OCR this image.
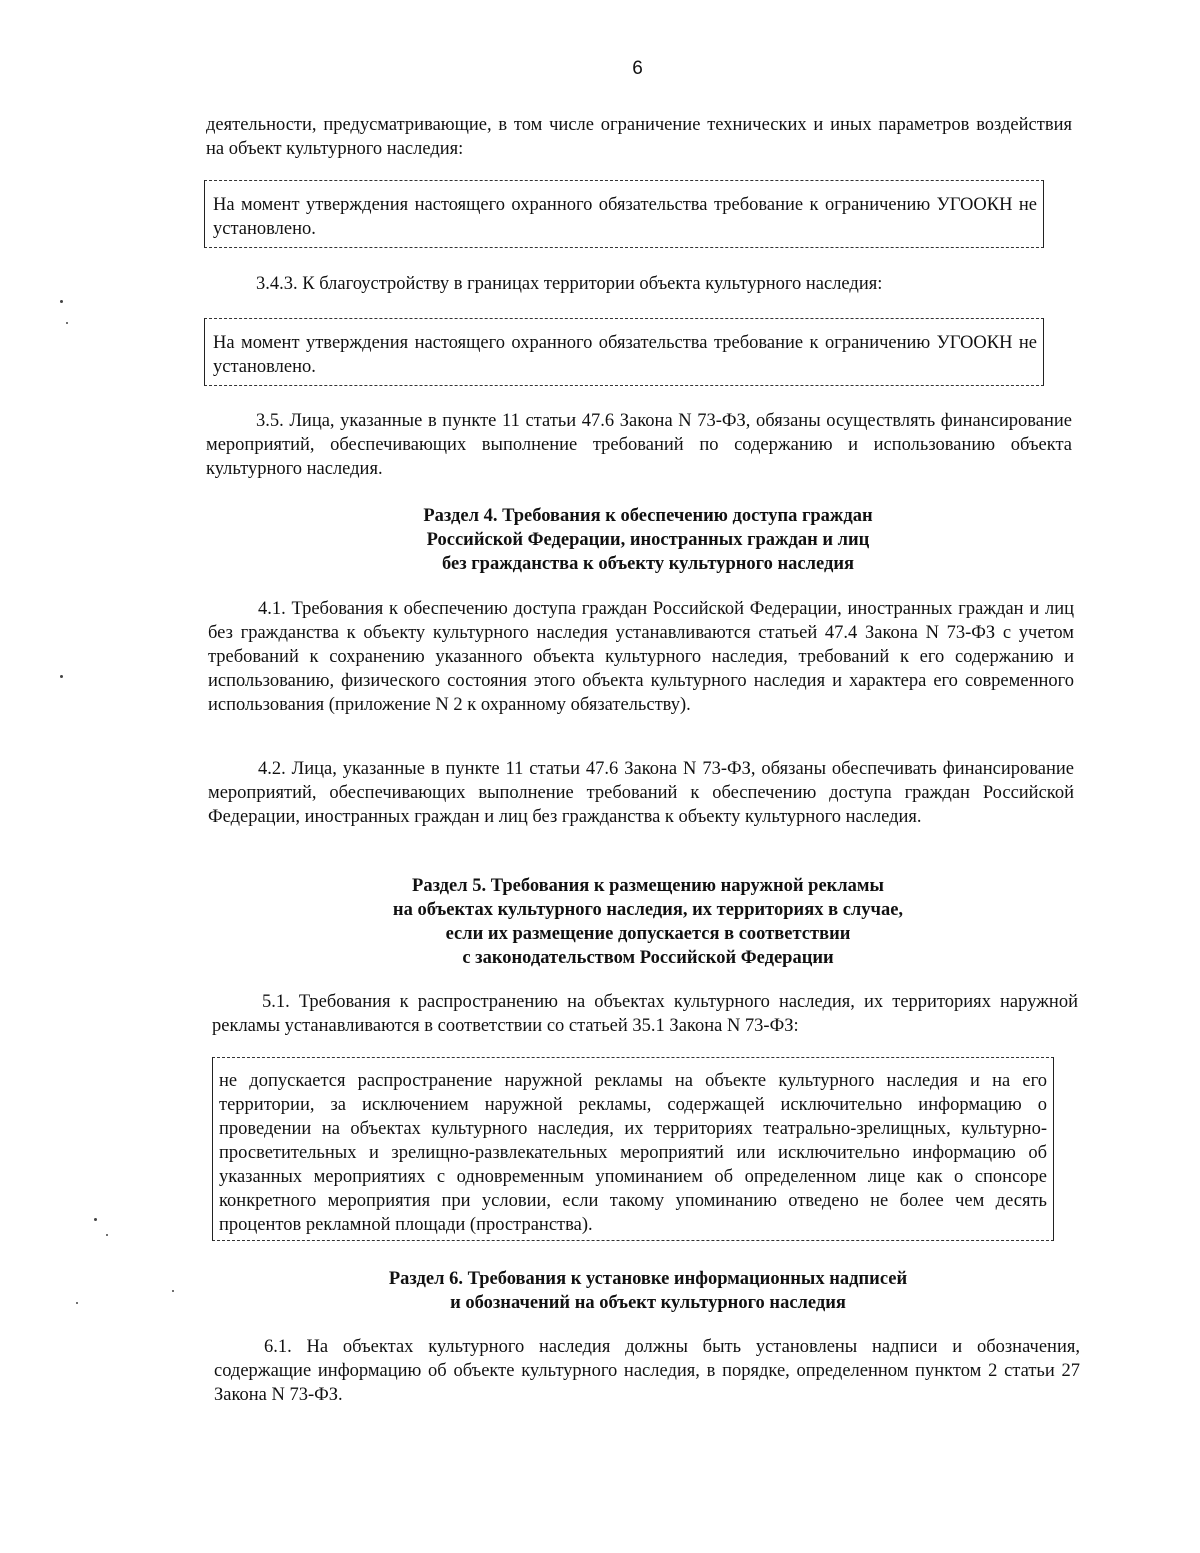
6
деятельности, предусматривающие, в том числе ограничение технических и иных параметров воздействия на объект культурного наследия:
На момент утверждения настоящего охранного обязательства требование к ограничению УГООКН не установлено.
3.4.3. К благоустройству в границах территории объекта культурного наследия:
На момент утверждения настоящего охранного обязательства требование к ограничению УГООКН не установлено.
3.5. Лица, указанные в пункте 11 статьи 47.6 Закона N 73-ФЗ, обязаны осуществлять финансирование мероприятий, обеспечивающих выполнение требований по содержанию и использованию объекта культурного наследия.
Раздел 4. Требования к обеспечению доступа граждан
Российской Федерации, иностранных граждан и лиц
без гражданства к объекту культурного наследия
4.1. Требования к обеспечению доступа граждан Российской Федерации, иностранных граждан и лиц без гражданства к объекту культурного наследия устанавливаются статьей 47.4 Закона N 73-ФЗ с учетом требований к сохранению указанного объекта культурного наследия, требований к его содержанию и использованию, физического состояния этого объекта культурного наследия и характера его современного использования (приложение N 2 к охранному обязательству).
4.2. Лица, указанные в пункте 11 статьи 47.6 Закона N 73-ФЗ, обязаны обеспечивать финансирование мероприятий, обеспечивающих выполнение требований к обеспечению доступа граждан Российской Федерации, иностранных граждан и лиц без гражданства к объекту культурного наследия.
Раздел 5. Требования к размещению наружной рекламы
на объектах культурного наследия, их территориях в случае,
если их размещение допускается в соответствии
с законодательством Российской Федерации
5.1. Требования к распространению на объектах культурного наследия, их территориях наружной рекламы устанавливаются в соответствии со статьей 35.1 Закона N 73-ФЗ:
не допускается распространение наружной рекламы на объекте культурного наследия и на его территории, за исключением наружной рекламы, содержащей исключительно информацию о проведении на объектах культурного наследия, их территориях театрально-зрелищных, культурно-просветительных и зрелищно-развлекательных мероприятий или исключительно информацию об указанных мероприятиях с одновременным упоминанием об определенном лице как о спонсоре конкретного мероприятия при условии, если такому упоминанию отведено не более чем десять процентов рекламной площади (пространства).
Раздел 6. Требования к установке информационных надписей
и обозначений на объект культурного наследия
6.1. На объектах культурного наследия должны быть установлены надписи и обозначения, содержащие информацию об объекте культурного наследия, в порядке, определенном пунктом 2 статьи 27 Закона N 73-ФЗ.
